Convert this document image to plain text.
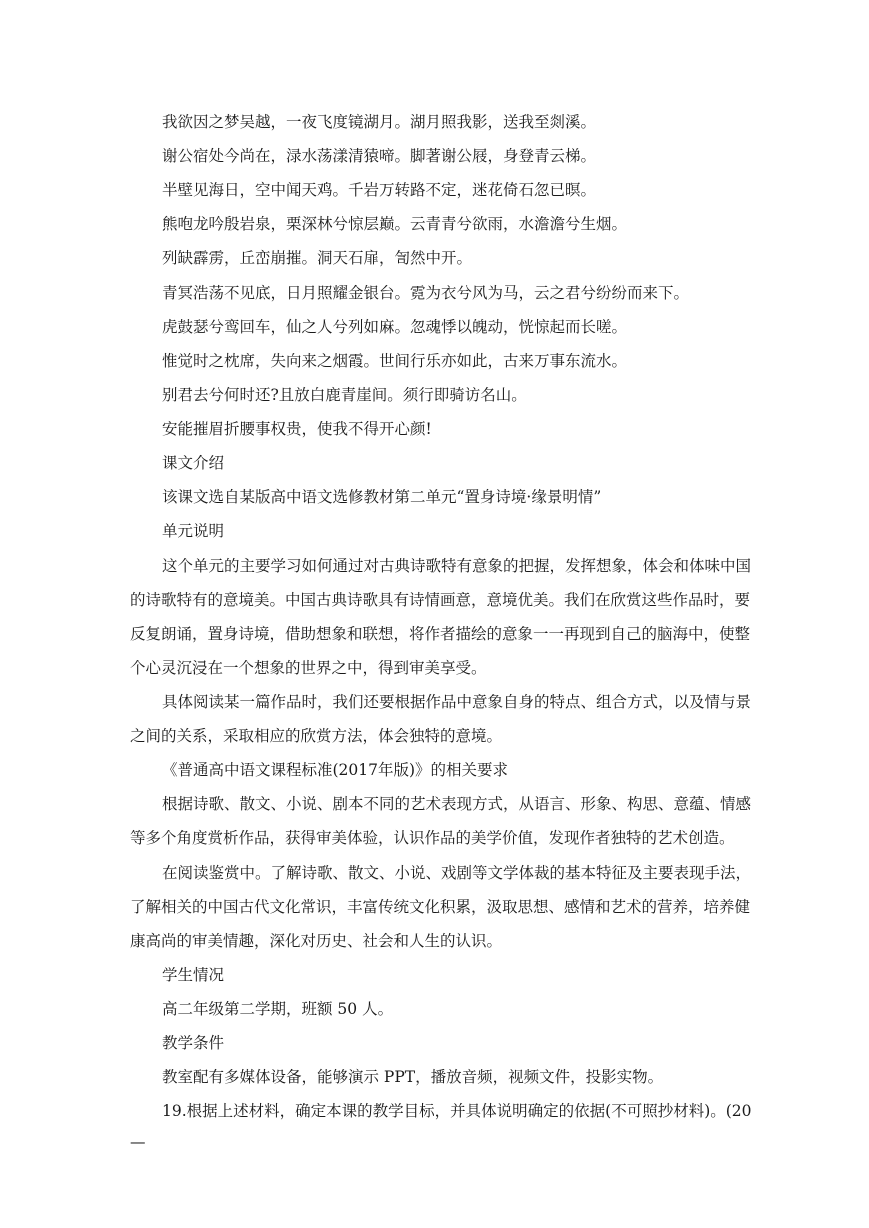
我欲因之梦吴越，一夜飞度镜湖月。湖月照我影，送我至剡溪。
谢公宿处今尚在，渌水荡漾清猿啼。脚著谢公屐，身登青云梯。
半壁见海日，空中闻天鸡。千岩万转路不定，迷花倚石忽已暝。
熊咆龙吟殷岩泉，栗深林兮惊层巅。云青青兮欲雨，水澹澹兮生烟。
列缺霹雳，丘峦崩摧。洞天石扉，訇然中开。
青冥浩荡不见底，日月照耀金银台。霓为衣兮风为马，云之君兮纷纷而来下。
虎鼓瑟兮鸾回车，仙之人兮列如麻。忽魂悸以魄动，恍惊起而长嗟。
惟觉时之枕席，失向来之烟霞。世间行乐亦如此，古来万事东流水。
别君去兮何时还?且放白鹿青崖间。须行即骑访名山。
安能摧眉折腰事权贵，使我不得开心颜!
课文介绍
该课文选自某版高中语文选修教材第二单元“置身诗境·缘景明情”
单元说明
这个单元的主要学习如何通过对古典诗歌特有意象的把握，发挥想象，体会和体味中国
的诗歌特有的意境美。中国古典诗歌具有诗情画意，意境优美。我们在欣赏这些作品时，要
反复朗诵，置身诗境，借助想象和联想，将作者描绘的意象一一再现到自己的脑海中，使整
个心灵沉浸在一个想象的世界之中，得到审美享受。
具体阅读某一篇作品时，我们还要根据作品中意象自身的特点、组合方式，以及情与景
之间的关系，采取相应的欣赏方法，体会独特的意境。
《普通高中语文课程标准(2017年版)》的相关要求
根据诗歌、散文、小说、剧本不同的艺术表现方式，从语言、形象、构思、意蕴、情感
等多个角度赏析作品，获得审美体验，认识作品的美学价值，发现作者独特的艺术创造。
在阅读鉴赏中。了解诗歌、散文、小说、戏剧等文学体裁的基本特征及主要表现手法，
了解相关的中国古代文化常识，丰富传统文化积累，汲取思想、感情和艺术的营养，培养健
康高尚的审美情趣，深化对历史、社会和人生的认识。
学生情况
高二年级第二学期，班额 50 人。
教学条件
教室配有多媒体设备，能够演示 PPT，播放音频，视频文件，投影实物。
19.根据上述材料，确定本课的教学目标，并具体说明确定的依据(不可照抄材料)。(20
—
